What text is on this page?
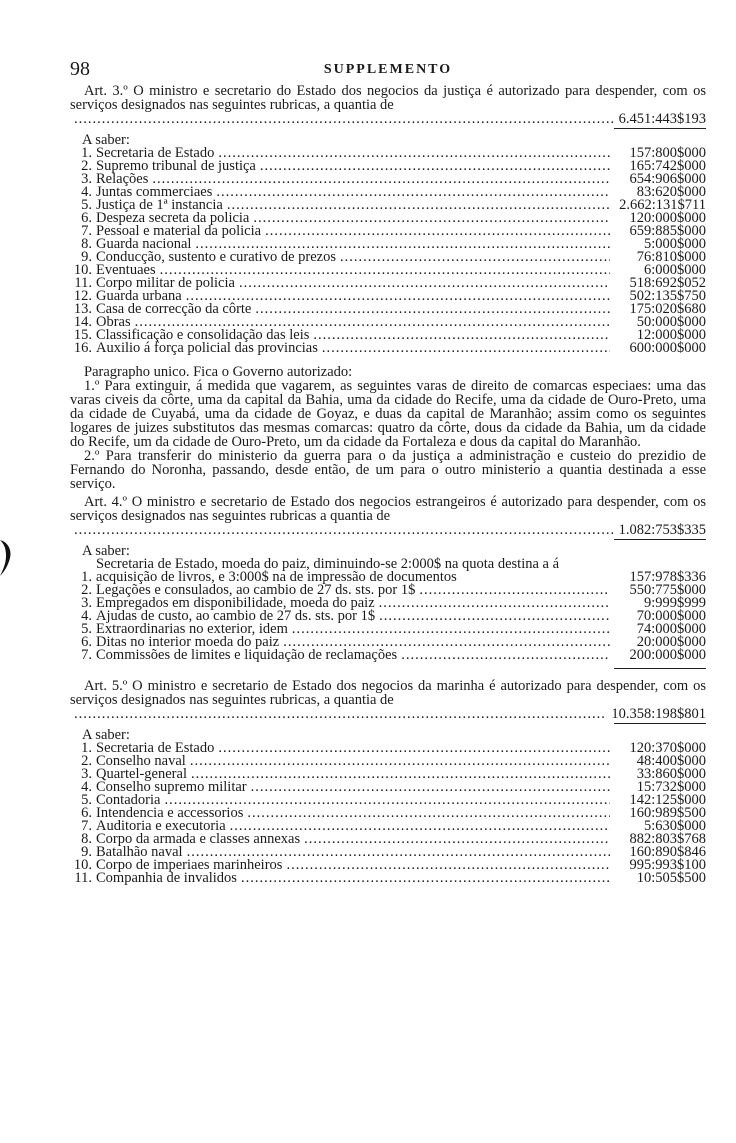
98	SUPPLEMENTO

Art. 3.º O ministro e secretario do Estado dos negocios da justiça é autorizado para despender, com os serviços designados nas seguintes rubricas, a quantia de

.....
6.451:443$193
A saber:
1. Secretaria de Estado .....	157:800$000
2. Supremo tribunal de justiça .....	165:742$000
3. Relações .....	654:906$000
4. Juntas commerciaes .....	83:620$000
5. Justiça de 1ª instancia .....	2.662:131$711
6. Despeza secreta da policia .....	120:000$000
7. Pessoal e material da policia .....	659:885$000
8. Guarda nacional .....	5:000$000
9. Conducção, sustento e curativo de prezos .....	76:810$000
10. Eventuaes .....	6:000$000
11. Corpo militar de policia .....	518:692$052
12. Guarda urbana .....	502:135$750
13. Casa de correcção da côrte .....	175:020$680
14. Obras .....	50:000$000
15. Classificação e consolidação das leis .....	12:000$000
16. Auxilio á força policial das provincias .....	600:000$000

Paragrapho unico. Fica o Governo autorizado:

1.º Para extinguir, á medida que vagarem, as seguintes varas de direito de comarcas especiaes: uma das varas civeis da côrte, uma da capital da Bahia, uma da cidade do Recife, uma da cidade de Ouro-Preto, uma da cidade de Cuyabá, uma da cidade de Goyaz, e duas da capital de Maranhão; assim como os seguintes logares de juizes substitutos das mesmas comarcas: quatro da côrte, dous da cidade da Bahia, um da cidade do Recife, um da cidade de Ouro-Preto, um da cidade da Fortaleza e dous da capital do Maranhão.

2.º Para transferir do ministerio da guerra para o da justiça a administração e custeio do prezidio de Fernando do Noronha, passando, desde então, de um para o outro ministerio a quantia destinada a esse serviço.

Art. 4.º O ministro e secretario de Estado dos negocios estrangeiros é autorizado para despender, com os serviços designados nas seguintes rubricas a quantia de

.....
1.082:753$335
A saber:
1.
Secretaria de Estado, moeda do paiz, diminuindo-se 2:000$ na quota destina a á acquisição de livros, e 3:000$ na de impressão de documentos	157:978$336
2. Legações e consulados, ao cambio de 27 ds. sts. por 1$ .....	550:775$000
3. Empregados em disponibilidade, moeda do paiz .....	9:999$999
4. Ajudas de custo, ao cambio de 27 ds. sts. por 1$ .....	70:000$000
5. Extraordinarias no exterior, idem .....	74:000$000
6. Ditas no interior moeda do paiz .....	20:000$000
7. Commissões de limites e liquidação de reclamações .....	200:000$000

Art. 5.º O ministro e secretario de Estado dos negocios da marinha é autorizado para despender, com os serviços designados nas seguintes rubricas, a quantia de

.....
10.358:198$801
A saber:
1. Secretaria de Estado .....	120:370$000
2. Conselho naval .....	48:400$000
3. Quartel-general .....	33:860$000
4. Conselho supremo militar .....	15:732$000
5. Contadoria .....	142:125$000
6. Intendencia e accessorios .....	160:989$500
7. Auditoria e executoria .....	5:630$000
8. Corpo da armada e classes annexas .....	882:803$768
9. Batalhão naval .....	160:890$846
10. Corpo de imperiaes marinheiros .....	995:993$100
11. Companhia de invalidos .....	10:505$500
